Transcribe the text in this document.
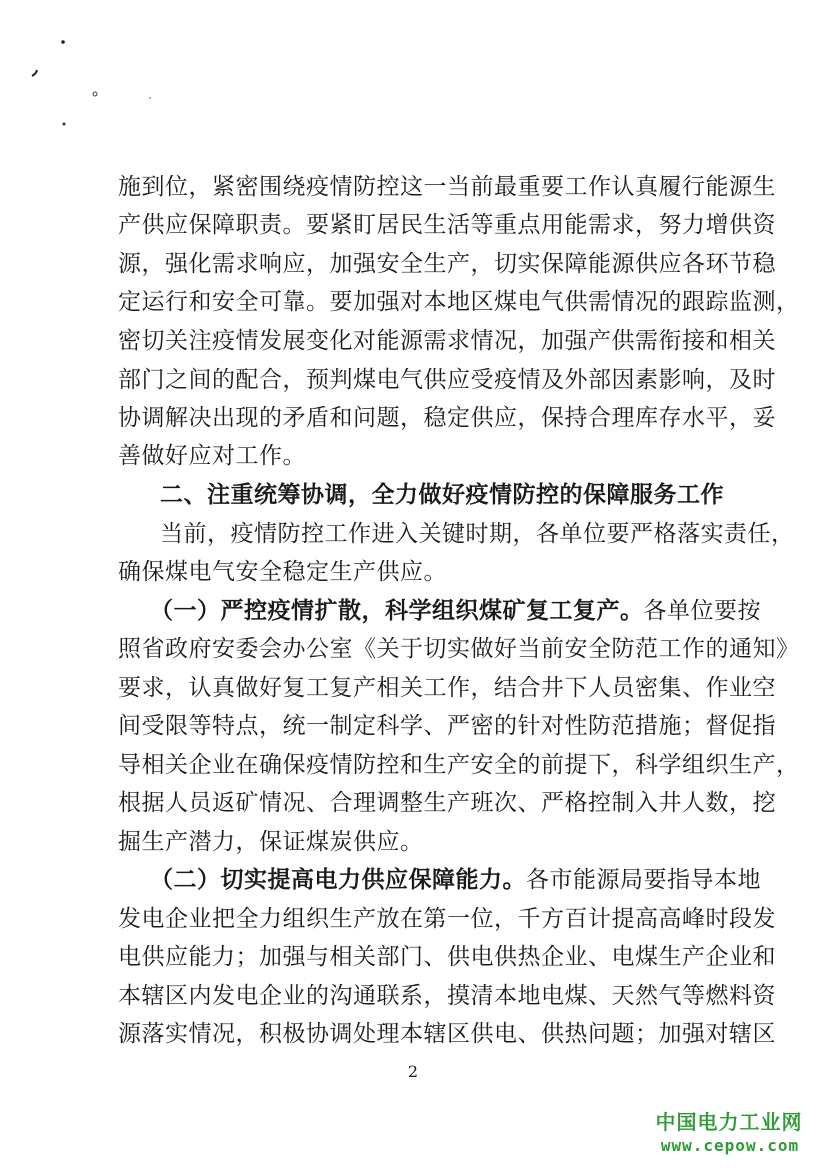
施到位，紧密围绕疫情防控这一当前最重要工作认真履行能源生
产供应保障职责。要紧盯居民生活等重点用能需求，努力增供资
源，强化需求响应，加强安全生产，切实保障能源供应各环节稳
定运行和安全可靠。要加强对本地区煤电气供需情况的跟踪监测，
密切关注疫情发展变化对能源需求情况，加强产供需衔接和相关
部门之间的配合，预判煤电气供应受疫情及外部因素影响，及时
协调解决出现的矛盾和问题，稳定供应，保持合理库存水平，妥
善做好应对工作。
二、注重统筹协调，全力做好疫情防控的保障服务工作
当前，疫情防控工作进入关键时期，各单位要严格落实责任，
确保煤电气安全稳定生产供应。
（一）严控疫情扩散，科学组织煤矿复工复产。各单位要按
照省政府安委会办公室《关于切实做好当前安全防范工作的通知》
要求，认真做好复工复产相关工作，结合井下人员密集、作业空
间受限等特点，统一制定科学、严密的针对性防范措施；督促指
导相关企业在确保疫情防控和生产安全的前提下，科学组织生产，
根据人员返矿情况、合理调整生产班次、严格控制入井人数，挖
掘生产潜力，保证煤炭供应。
（二）切实提高电力供应保障能力。各市能源局要指导本地
发电企业把全力组织生产放在第一位，千方百计提高高峰时段发
电供应能力；加强与相关部门、供电供热企业、电煤生产企业和
本辖区内发电企业的沟通联系，摸清本地电煤、天然气等燃料资
源落实情况，积极协调处理本辖区供电、供热问题；加强对辖区
2
中国电力工业网
www.cepow.com
